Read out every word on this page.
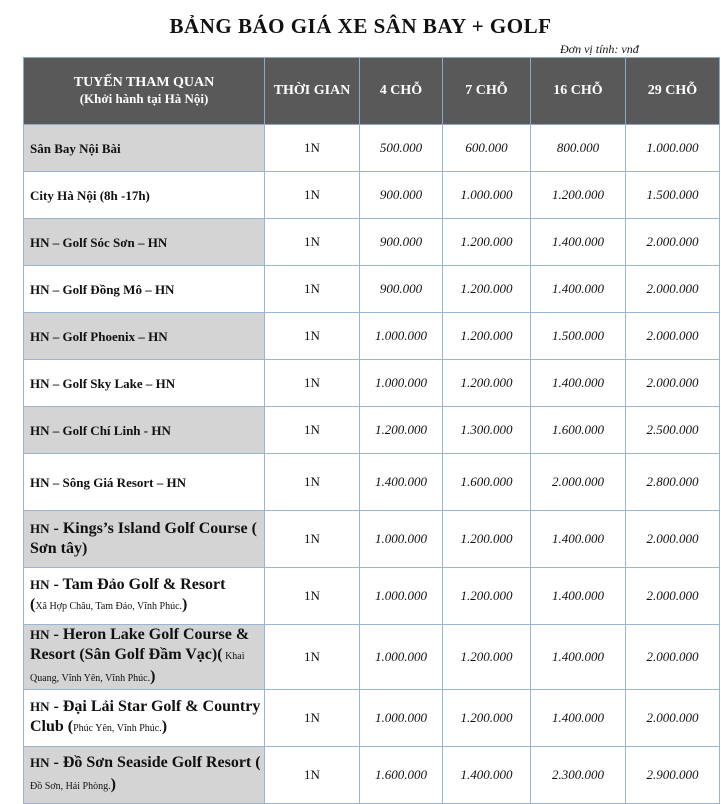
BẢNG BÁO GIÁ XE SÂN BAY + GOLF
Đơn vị tính: vnđ
TUYẾN THAM QUAN
(Khởi hành tại Hà Nội)	THỜI GIAN	4 CHỖ	7 CHỖ	16 CHỖ	29 CHỖ
Sân Bay Nội Bài	1N	500.000	600.000	800.000	1.000.000
City Hà Nội (8h -17h)	1N	900.000	1.000.000	1.200.000	1.500.000
HN – Golf Sóc Sơn – HN	1N	900.000	1.200.000	1.400.000	2.000.000
HN – Golf Đồng Mô – HN	1N	900.000	1.200.000	1.400.000	2.000.000
HN – Golf Phoenix – HN	1N	1.000.000	1.200.000	1.500.000	2.000.000
HN – Golf Sky Lake – HN	1N	1.000.000	1.200.000	1.400.000	2.000.000
HN – Golf Chí Linh - HN	1N	1.200.000	1.300.000	1.600.000	2.500.000
HN – Sông Giá Resort – HN	1N	1.400.000	1.600.000	2.000.000	2.800.000
HN - Kings’s Island Golf Course ( Sơn tây)	1N	1.000.000	1.200.000	1.400.000	2.000.000
HN - Tam Đảo Golf & Resort
(Xã Hợp Châu, Tam Đảo, Vĩnh Phúc.)	1N	1.000.000	1.200.000	1.400.000	2.000.000
HN - Heron Lake Golf Course & Resort (Sân Golf Đầm Vạc)( Khai Quang, Vĩnh Yên, Vĩnh Phúc.)	1N	1.000.000	1.200.000	1.400.000	2.000.000
HN - Đại Lải Star Golf & Country Club (Phúc Yên, Vĩnh Phúc.)	1N	1.000.000	1.200.000	1.400.000	2.000.000
HN - Đồ Sơn Seaside Golf Resort ( Đồ Sơn, Hải Phòng.)	1N	1.600.000	1.400.000	2.300.000	2.900.000
